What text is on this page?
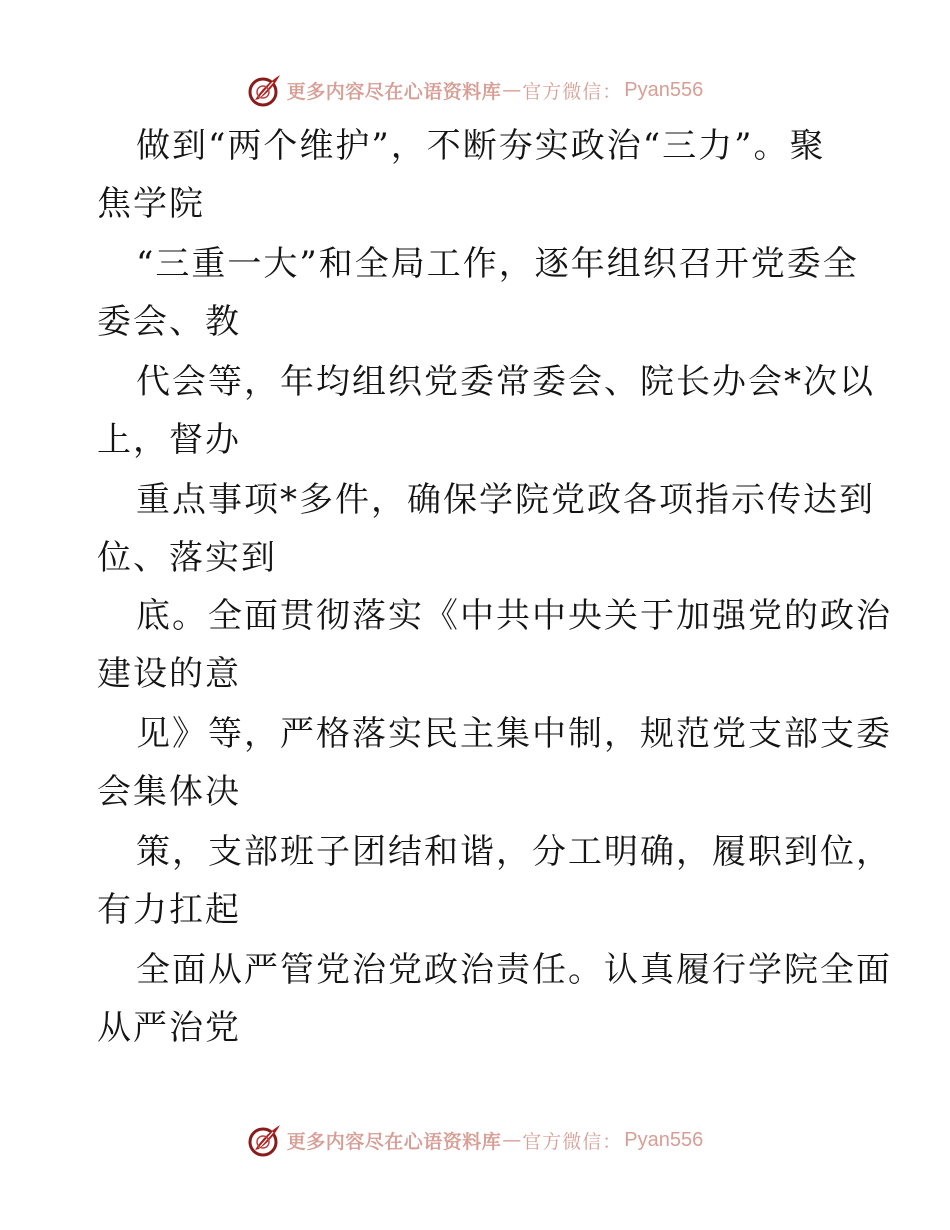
更多内容尽在心语资料库 — 官方微信： Pyan556
做到“两个维护”，不断夯实政治“三力”。聚
焦学院
“三重一大”和全局工作，逐年组织召开党委全
委会、教
代会等，年均组织党委常委会、院长办会*次以
上，督办
重点事项*多件，确保学院党政各项指示传达到
位、落实到
底。全面贯彻落实《中共中央关于加强党的政治
建设的意
见》等，严格落实民主集中制，规范党支部支委
会集体决
策，支部班子团结和谐，分工明确，履职到位，
有力扛起
全面从严管党治党政治责任。认真履行学院全面
从严治党
更多内容尽在心语资料库 — 官方微信： Pyan556
